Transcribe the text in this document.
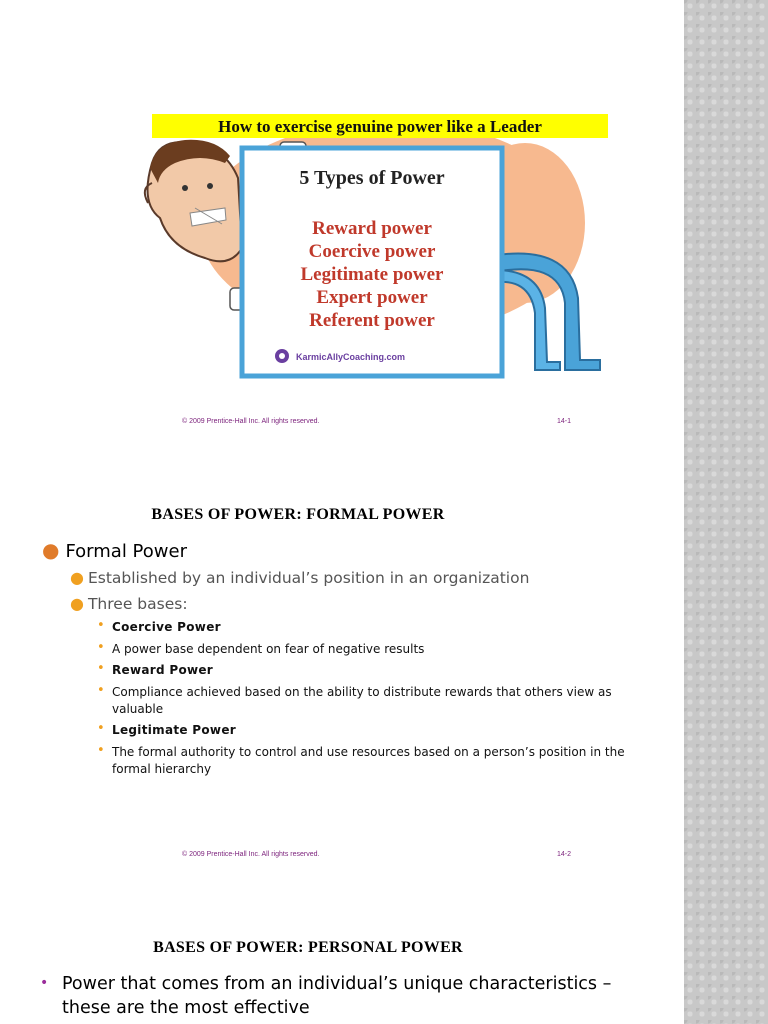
How to exercise genuine power like a Leader
5 Types of Power
Reward power
Coercive power
Legitimate power
Expert power
Referent power
KarmicAllyCoaching.com
© 2009 Prentice-Hall Inc. All rights reserved.	14-1
BASES OF POWER: FORMAL POWER
● Formal Power
● Established by an individual’s position in an organization
● Three bases:
• Coercive Power
• A power base dependent on fear of negative results
• Reward Power
• Compliance achieved based on the ability to distribute rewards that others view as valuable
• Legitimate Power
• The formal authority to control and use resources based on a person’s position in the formal hierarchy
© 2009 Prentice-Hall Inc. All rights reserved.	14-2
BASES OF POWER: PERSONAL POWER
• Power that comes from an individual’s unique characteristics – these are the most effective
